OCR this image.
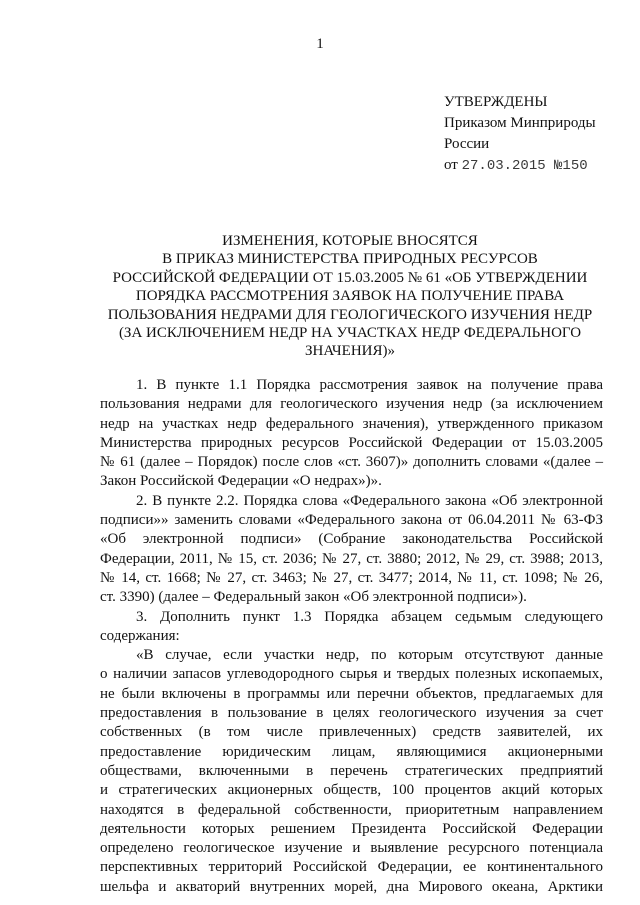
1
УТВЕРЖДЕНЫ
Приказом Минприроды
России
от 27.03.2015 №150
ИЗМЕНЕНИЯ, КОТОРЫЕ ВНОСЯТСЯ
В ПРИКАЗ МИНИСТЕРСТВА ПРИРОДНЫХ РЕСУРСОВ
РОССИЙСКОЙ ФЕДЕРАЦИИ ОТ 15.03.2005 № 61 «ОБ УТВЕРЖДЕНИИ
ПОРЯДКА РАССМОТРЕНИЯ ЗАЯВОК НА ПОЛУЧЕНИЕ ПРАВА
ПОЛЬЗОВАНИЯ НЕДРАМИ ДЛЯ ГЕОЛОГИЧЕСКОГО ИЗУЧЕНИЯ НЕДР
(ЗА ИСКЛЮЧЕНИЕМ НЕДР НА УЧАСТКАХ НЕДР ФЕДЕРАЛЬНОГО
ЗНАЧЕНИЯ)»
1. В пункте 1.1 Порядка рассмотрения заявок на получение права
пользования недрами для геологического изучения недр (за исключением
недр на участках недр федерального значения), утвержденного приказом
Министерства природных ресурсов Российской Федерации от 15.03.2005
№ 61 (далее – Порядок) после слов «ст. 3607)» дополнить словами «(далее –
Закон Российской Федерации «О недрах»)».
2. В пункте 2.2. Порядка слова «Федерального закона «Об электронной
подписи»» заменить словами «Федерального закона от 06.04.2011 № 63-ФЗ
«Об электронной подписи» (Собрание законодательства Российской
Федерации, 2011, № 15, ст. 2036; № 27, ст. 3880; 2012, № 29, ст. 3988; 2013,
№ 14, ст. 1668; № 27, ст. 3463; № 27, ст. 3477; 2014, № 11, ст. 1098; № 26,
ст. 3390) (далее – Федеральный закон «Об электронной подписи»).
3. Дополнить пункт 1.3 Порядка абзацем седьмым следующего
содержания:
«В случае, если участки недр, по которым отсутствуют данные
о наличии запасов углеводородного сырья и твердых полезных ископаемых,
не были включены в программы или перечни объектов, предлагаемых для
предоставления в пользование в целях геологического изучения за счет
собственных (в том числе привлеченных) средств заявителей, их
предоставление юридическим лицам, являющимися акционерными
обществами, включенными в перечень стратегических предприятий
и стратегических акционерных обществ, 100 процентов акций которых
находятся в федеральной собственности, приоритетным направлением
деятельности которых решением Президента Российской Федерации
определено геологическое изучение и выявление ресурсного потенциала
перспективных территорий Российской Федерации, ее континентального
шельфа и акваторий внутренних морей, дна Мирового океана, Арктики
